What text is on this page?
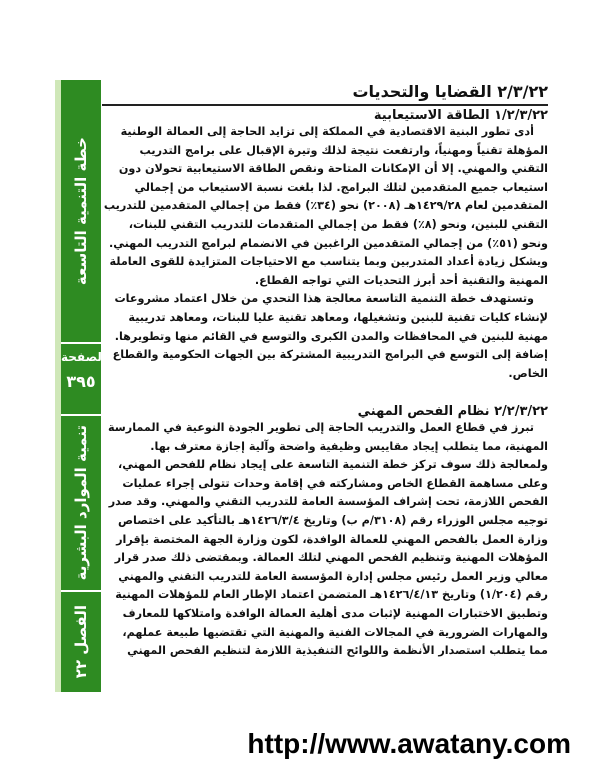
خطة التنمية التاسعة
الصفحة
٣٩٥
تنمية الموارد البشرية
الفصل ٢٢
٢/٣/٢٢ القضايا والتحديات
١/٢/٣/٢٢ الطاقة الاستيعابية

أدى تطور البنية الاقتصادية في المملكة إلى تزايد الحاجة إلى العمالة الوطنية المؤهلة تقنياً ومهنياً، وارتفعت نتيجة لذلك وتيرة الإقبال على برامج التدريب التقني والمهني. إلا أن الإمكانات المتاحة ونقص الطاقة الاستيعابية تحولان دون استيعاب جميع المتقدمين لتلك البرامج. لذا بلغت نسبة الاستيعاب من إجمالي المتقدمين لعام ١٤٢٩/٢٨هـ (٢٠٠٨) نحو (٣٤٪) فقط من إجمالي المتقدمين للتدريب التقني للبنين، ونحو (٨٪) فقط من إجمالي المتقدمات للتدريب التقني للبنات، ونحو (٥١٪) من إجمالي المتقدمين الراغبين في الانضمام لبرامج التدريب المهني. ويشكل زيادة أعداد المتدربين وبما يتناسب مع الاحتياجات المتزايدة للقوى العاملة المهنية والتقنية أحد أبرز التحديات التي تواجه القطاع.

وتستهدف خطة التنمية التاسعة معالجة هذا التحدي من خلال اعتماد مشروعات لإنشاء كليات تقنية للبنين وتشغيلها، ومعاهد تقنية عليا للبنات، ومعاهد تدريبية مهنية للبنين في المحافظات والمدن الكبرى والتوسع في القائم منها وتطويرها. إضافة إلى التوسع في البرامج التدريبية المشتركة بين الجهات الحكومية والقطاع الخاص.

٢/٢/٣/٢٢ نظام الفحص المهني

تبرز في قطاع العمل والتدريب الحاجة إلى تطوير الجودة النوعية في الممارسة المهنية، مما يتطلب إيجاد مقاييس وظيفية واضحة وآلية إجازة معترف بها. ولمعالجة ذلك سوف تركز خطة التنمية التاسعة على إيجاد نظام للفحص المهني، وعلى مساهمة القطاع الخاص ومشاركته في إقامة وحدات تتولى إجراء عمليات الفحص اللازمة، تحت إشراف المؤسسة العامة للتدريب التقني والمهني. وقد صدر توجيه مجلس الوزراء رقم (٣١٠٨/م ب) وتاريخ ١٤٢٦/٣/٤هـ بالتأكيد على اختصاص وزارة العمل بالفحص المهني للعمالة الوافدة، لكون وزارة الجهة المختصة بإقرار المؤهلات المهنية وتنظيم الفحص المهني لتلك العمالة. وبمقتضى ذلك صدر قرار معالي وزير العمل رئيس مجلس إدارة المؤسسة العامة للتدريب التقني والمهني رقم (١/٢٠٤) وتاريخ ١٤٢٦/٤/١٣هـ المتضمن اعتماد الإطار العام للمؤهلات المهنية وتطبيق الاختبارات المهنية لإثبات مدى أهلية العمالة الوافدة وامتلاكها للمعارف والمهارات الضرورية في المجالات الفنية والمهنية التي تقتضيها طبيعة عملهم، مما يتطلب استصدار الأنظمة واللوائح التنفيذية اللازمة لتنظيم الفحص المهني

http://www.awatany.com
